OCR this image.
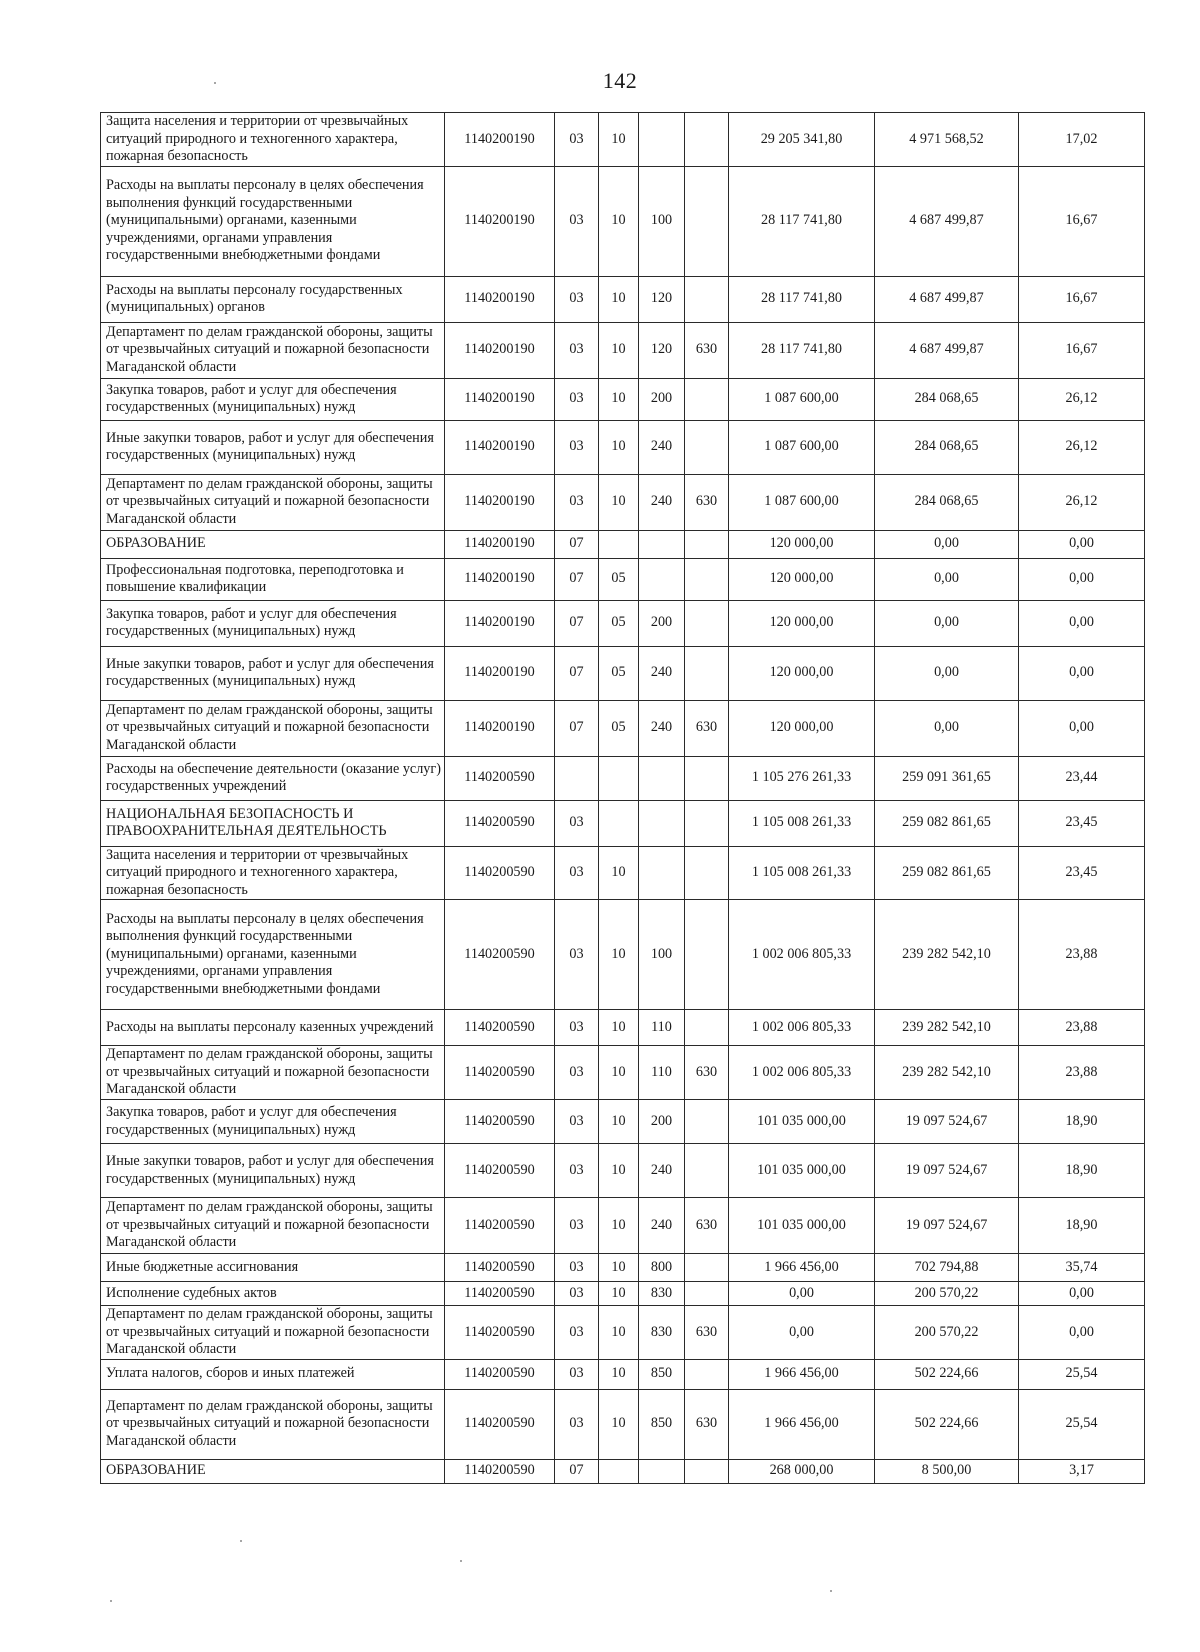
142
Защита населения и территории от чрезвычайных ситуаций природного и техногенного характера, пожарная безопасность	1140200190	03	10			29 205 341,80	4 971 568,52	17,02
Расходы на выплаты персоналу в целях обеспечения выполнения функций государственными (муниципальными) органами, казенными учреждениями, органами управления государственными внебюджетными фондами	1140200190	03	10	100		28 117 741,80	4 687 499,87	16,67
Расходы на выплаты персоналу государственных (муниципальных) органов	1140200190	03	10	120		28 117 741,80	4 687 499,87	16,67
Департамент по делам гражданской обороны, защиты от чрезвычайных ситуаций и пожарной безопасности Магаданской области	1140200190	03	10	120	630	28 117 741,80	4 687 499,87	16,67
Закупка товаров, работ и услуг для обеспечения государственных (муниципальных) нужд	1140200190	03	10	200		1 087 600,00	284 068,65	26,12
Иные закупки товаров, работ и услуг для обеспечения государственных (муниципальных) нужд	1140200190	03	10	240		1 087 600,00	284 068,65	26,12
Департамент по делам гражданской обороны, защиты от чрезвычайных ситуаций и пожарной безопасности Магаданской области	1140200190	03	10	240	630	1 087 600,00	284 068,65	26,12
ОБРАЗОВАНИЕ	1140200190	07				120 000,00	0,00	0,00
Профессиональная подготовка, переподготовка и повышение квалификации	1140200190	07	05			120 000,00	0,00	0,00
Закупка товаров, работ и услуг для обеспечения государственных (муниципальных) нужд	1140200190	07	05	200		120 000,00	0,00	0,00
Иные закупки товаров, работ и услуг для обеспечения государственных (муниципальных) нужд	1140200190	07	05	240		120 000,00	0,00	0,00
Департамент по делам гражданской обороны, защиты от чрезвычайных ситуаций и пожарной безопасности Магаданской области	1140200190	07	05	240	630	120 000,00	0,00	0,00
Расходы на обеспечение деятельности (оказание услуг) государственных учреждений	1140200590					1 105 276 261,33	259 091 361,65	23,44
НАЦИОНАЛЬНАЯ БЕЗОПАСНОСТЬ И ПРАВООХРАНИТЕЛЬНАЯ ДЕЯТЕЛЬНОСТЬ	1140200590	03				1 105 008 261,33	259 082 861,65	23,45
Защита населения и территории от чрезвычайных ситуаций природного и техногенного характера, пожарная безопасность	1140200590	03	10			1 105 008 261,33	259 082 861,65	23,45
Расходы на выплаты персоналу в целях обеспечения выполнения функций государственными (муниципальными) органами, казенными учреждениями, органами управления государственными внебюджетными фондами	1140200590	03	10	100		1 002 006 805,33	239 282 542,10	23,88
Расходы на выплаты персоналу казенных учреждений	1140200590	03	10	110		1 002 006 805,33	239 282 542,10	23,88
Департамент по делам гражданской обороны, защиты от чрезвычайных ситуаций и пожарной безопасности Магаданской области	1140200590	03	10	110	630	1 002 006 805,33	239 282 542,10	23,88
Закупка товаров, работ и услуг для обеспечения государственных (муниципальных) нужд	1140200590	03	10	200		101 035 000,00	19 097 524,67	18,90
Иные закупки товаров, работ и услуг для обеспечения государственных (муниципальных) нужд	1140200590	03	10	240		101 035 000,00	19 097 524,67	18,90
Департамент по делам гражданской обороны, защиты от чрезвычайных ситуаций и пожарной безопасности Магаданской области	1140200590	03	10	240	630	101 035 000,00	19 097 524,67	18,90
Иные бюджетные ассигнования	1140200590	03	10	800		1 966 456,00	702 794,88	35,74
Исполнение судебных актов	1140200590	03	10	830		0,00	200 570,22	0,00
Департамент по делам гражданской обороны, защиты от чрезвычайных ситуаций и пожарной безопасности Магаданской области	1140200590	03	10	830	630	0,00	200 570,22	0,00
Уплата налогов, сборов и иных платежей	1140200590	03	10	850		1 966 456,00	502 224,66	25,54
Департамент по делам гражданской обороны, защиты от чрезвычайных ситуаций и пожарной безопасности Магаданской области	1140200590	03	10	850	630	1 966 456,00	502 224,66	25,54
ОБРАЗОВАНИЕ	1140200590	07				268 000,00	8 500,00	3,17
